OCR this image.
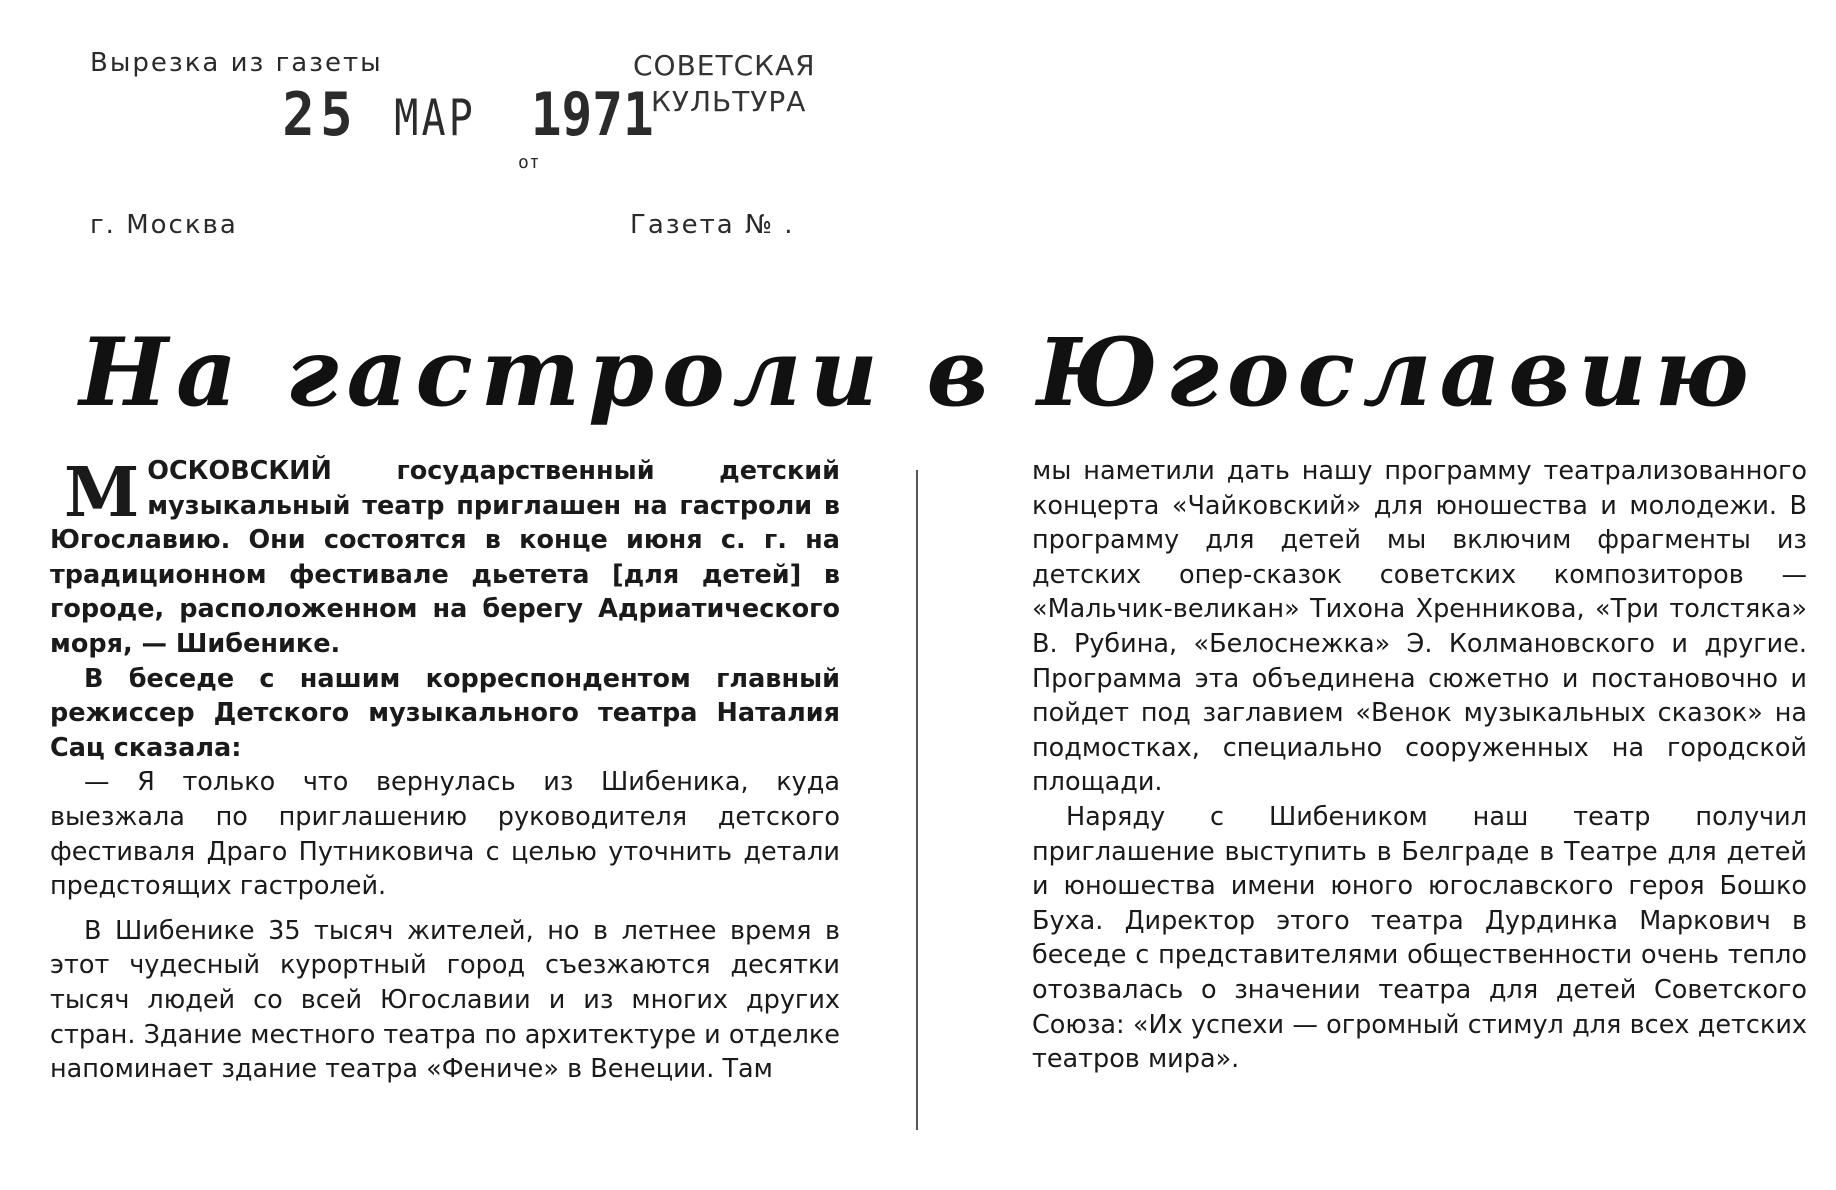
Вырезка из газеты	СОВЕТСКАЯ
КУЛЬТУРА
25 МАР
от
1971
г. Москва	Газета № .
На гастроли в Югославию

МОСКОВСКИЙ государственный детский музыкальный театр приглашен на гастроли в Югославию. Они состоятся в конце июня с. г. на традиционном фестивале дьетета [для детей] в городе, расположенном на берегу Адриатического моря, — Шибенике.

В беседе с нашим корреспондентом главный режиссер Детского музыкального театра Наталия Сац сказала:

— Я только что вернулась из Шибеника, куда выезжала по приглашению руководителя детского фестиваля Драго Путниковича с целью уточнить детали предстоящих гастролей.

В Шибенике 35 тысяч жителей, но в летнее время в этот чудесный курортный город съезжаются десятки тысяч людей со всей Югославии и из многих других стран. Здание местного театра по архитектуре и отделке напоминает здание театра «Фениче» в Венеции. Там

мы наметили дать нашу программу театрализованного концерта «Чайковский» для юношества и молодежи. В программу для детей мы включим фрагменты из детских опер-сказок советских композиторов — «Мальчик-великан» Тихона Хренникова, «Три толстяка» В. Рубина, «Белоснежка» Э. Колмановского и другие. Программа эта объединена сюжетно и постановочно и пойдет под заглавием «Венок музыкальных сказок» на подмостках, специально сооруженных на городской площади.

Наряду с Шибеником наш театр получил приглашение выступить в Белграде в Театре для детей и юношества имени юного югославского героя Бошко Буха. Директор этого театра Дурдинка Маркович в беседе с представителями общественности очень тепло отозвалась о значении театра для детей Советского Союза: «Их успехи — огромный стимул для всех детских театров мира».
